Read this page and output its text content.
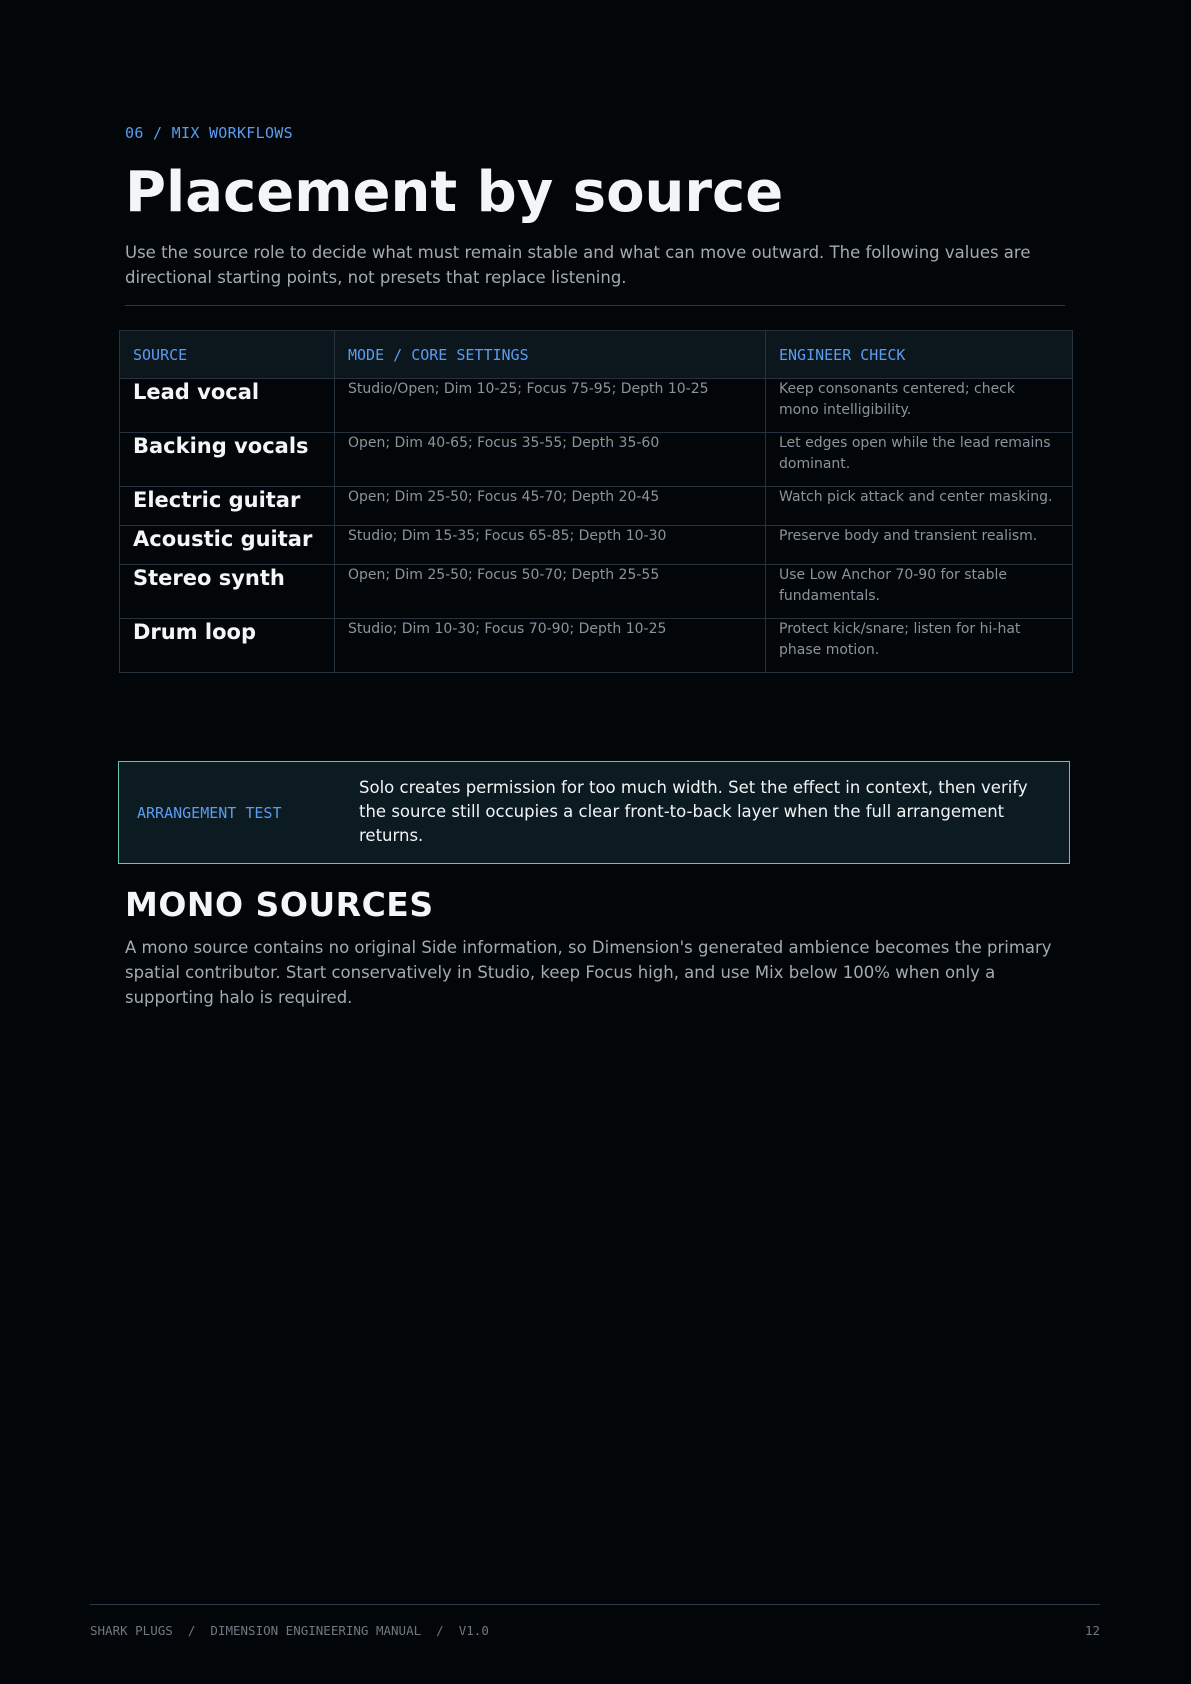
06 / MIX WORKFLOWS
Placement by source

Use the source role to decide what must remain stable and what can move outward. The following values are directional starting points, not presets that replace listening.

SOURCE	MODE / CORE SETTINGS	ENGINEER CHECK
Lead vocal	Studio/Open; Dim 10-25; Focus 75-95; Depth 10-25	Keep consonants centered; check mono intelligibility.
Backing vocals	Open; Dim 40-65; Focus 35-55; Depth 35-60	Let edges open while the lead remains dominant.
Electric guitar	Open; Dim 25-50; Focus 45-70; Depth 20-45	Watch pick attack and center masking.
Acoustic guitar	Studio; Dim 15-35; Focus 65-85; Depth 10-30	Preserve body and transient realism.
Stereo synth	Open; Dim 25-50; Focus 50-70; Depth 25-55	Use Low Anchor 70-90 for stable fundamentals.
Drum loop	Studio; Dim 10-30; Focus 70-90; Depth 10-25	Protect kick/snare; listen for hi-hat phase motion.
ARRANGEMENT TEST
Solo creates permission for too much width. Set the effect in context, then verify the source still occupies a clear front-to-back layer when the full arrangement returns.
MONO SOURCES

A mono source contains no original Side information, so Dimension's generated ambience becomes the primary spatial contributor. Start conservatively in Studio, keep Focus high, and use Mix below 100% when only a supporting halo is required.

SHARK PLUGS  /  DIMENSION ENGINEERING MANUAL  /  V1.0	12
